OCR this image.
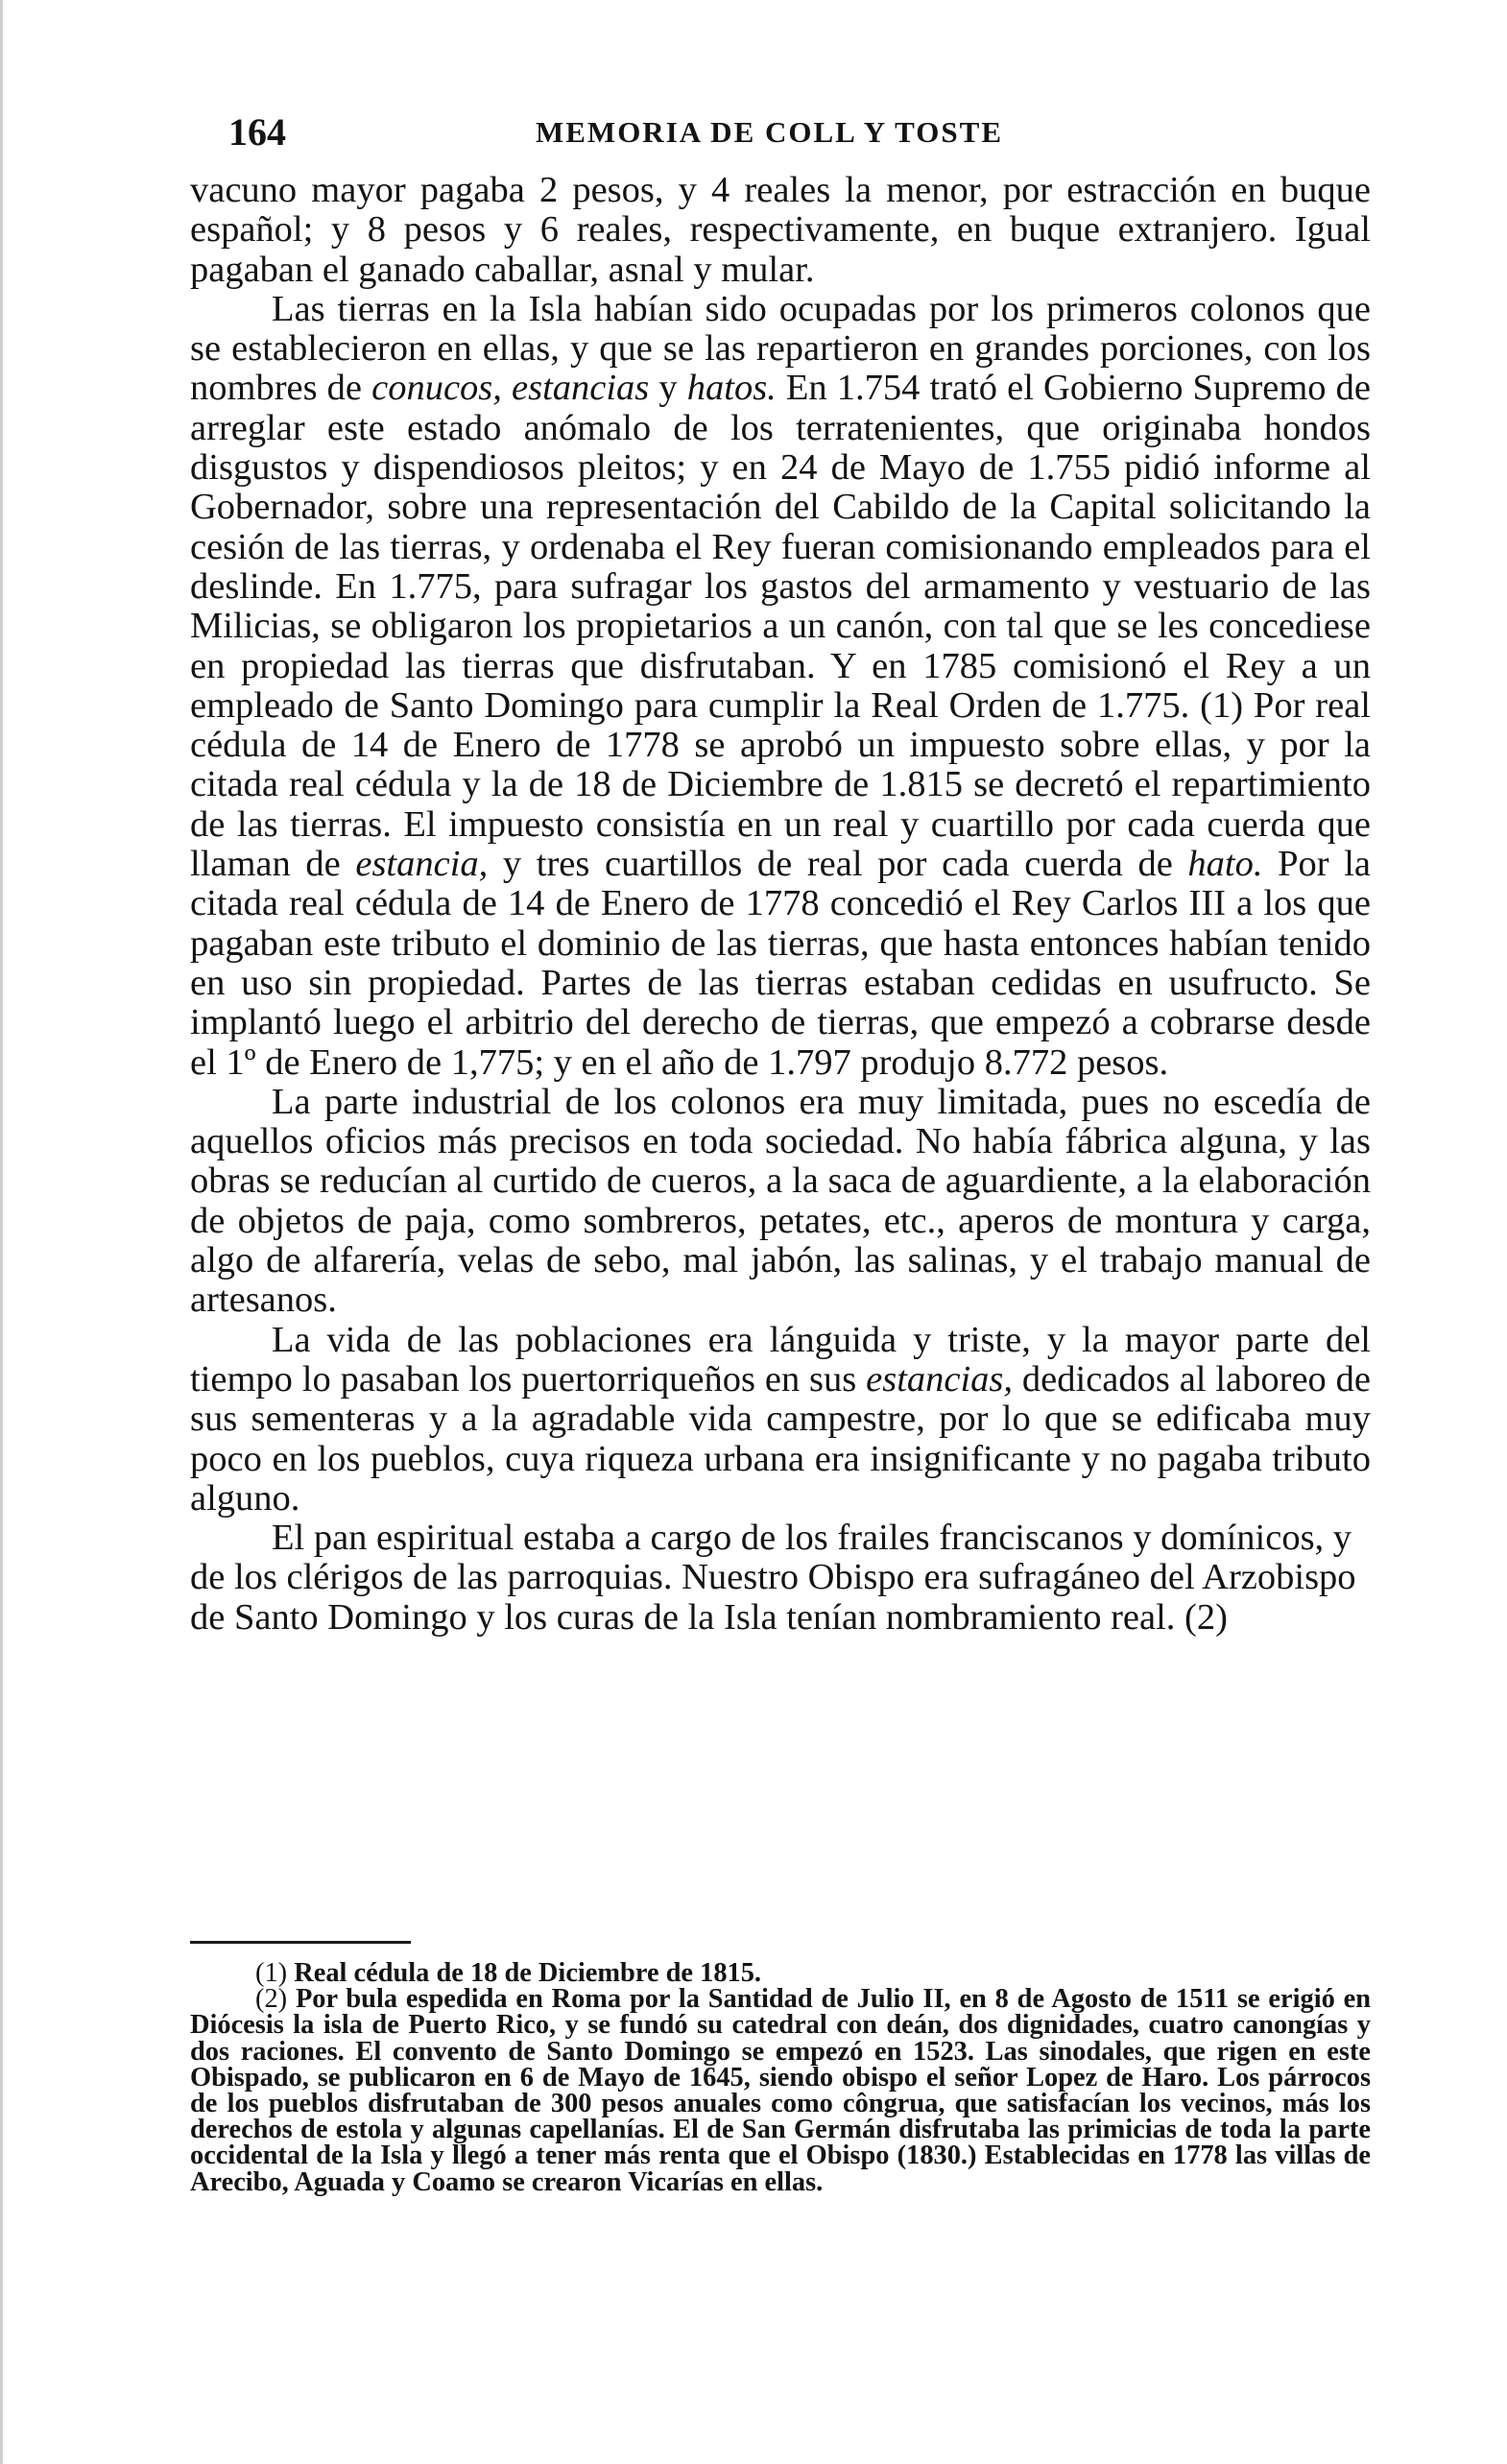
164	MEMORIA DE COLL Y TOSTE

vacuno mayor pagaba 2 pesos, y 4 reales la menor, por estracción en buque español; y 8 pesos y 6 reales, respectivamente, en buque extranjero. Igual pagaban el ganado caballar, asnal y mular.

Las tierras en la Isla habían sido ocupadas por los primeros colonos que se establecieron en ellas, y que se las repartieron en grandes porciones, con los nombres de conucos, estancias y hatos. En 1.754 trató el Gobierno Supremo de arreglar este estado anómalo de los terratenientes, que originaba hondos disgustos y dispendiosos pleitos; y en 24 de Mayo de 1.755 pidió informe al Gobernador, sobre una representación del Cabildo de la Capital solicitando la cesión de las tierras, y ordenaba el Rey fueran comisionando empleados para el deslinde. En 1.775, para sufragar los gastos del armamento y vestuario de las Milicias, se obligaron los propietarios a un canón, con tal que se les concediese en propiedad las tierras que disfrutaban. Y en 1785 comisionó el Rey a un empleado de Santo Domingo para cumplir la Real Orden de 1.775. (1) Por real cédula de 14 de Enero de 1778 se aprobó un impuesto sobre ellas, y por la citada real cédula y la de 18 de Diciembre de 1.815 se decretó el repartimiento de las tierras. El impuesto consistía en un real y cuartillo por cada cuerda que llaman de estancia, y tres cuartillos de real por cada cuerda de hato. Por la citada real cédula de 14 de Enero de 1778 concedió el Rey Carlos III a los que pagaban este tributo el dominio de las tierras, que hasta entonces habían tenido en uso sin propiedad. Partes de las tierras estaban cedidas en usufructo. Se implantó luego el arbitrio del derecho de tierras, que empezó a cobrarse desde el 1º de Enero de 1,775; y en el año de 1.797 produjo 8.772 pesos.

La parte industrial de los colonos era muy limitada, pues no escedía de aquellos oficios más precisos en toda sociedad. No había fábrica alguna, y las obras se reducían al curtido de cueros, a la saca de aguardiente, a la elaboración de objetos de paja, como sombreros, petates, etc., aperos de montura y carga, algo de alfarería, velas de sebo, mal jabón, las salinas, y el trabajo manual de artesanos.

La vida de las poblaciones era lánguida y triste, y la mayor parte del tiempo lo pasaban los puertorriqueños en sus estancias, dedicados al laboreo de sus sementeras y a la agradable vida campestre, por lo que se edificaba muy poco en los pueblos, cuya riqueza urbana era insignificante y no pagaba tributo alguno.

El pan espiritual estaba a cargo de los frailes franciscanos y domínicos, y de los clérigos de las parroquias. Nuestro Obispo era sufragáneo del Arzobispo de Santo Domingo y los curas de la Isla tenían nombramiento real. (2)

(1) Real cédula de 18 de Diciembre de 1815.

(2) Por bula espedida en Roma por la Santidad de Julio II, en 8 de Agosto de 1511 se erigió en Diócesis la isla de Puerto Rico, y se fundó su catedral con deán, dos dignidades, cuatro canongías y dos raciones. El convento de Santo Domingo se empezó en 1523. Las sinodales, que rigen en este Obispado, se publicaron en 6 de Mayo de 1645, siendo obispo el señor Lopez de Haro. Los párrocos de los pueblos disfrutaban de 300 pesos anuales como côngrua, que satisfacían los vecinos, más los derechos de estola y algunas capellanías. El de San Germán disfrutaba las primicias de toda la parte occidental de la Isla y llegó a tener más renta que el Obispo (1830.) Establecidas en 1778 las villas de Arecibo, Aguada y Coamo se crearon Vicarías en ellas.
